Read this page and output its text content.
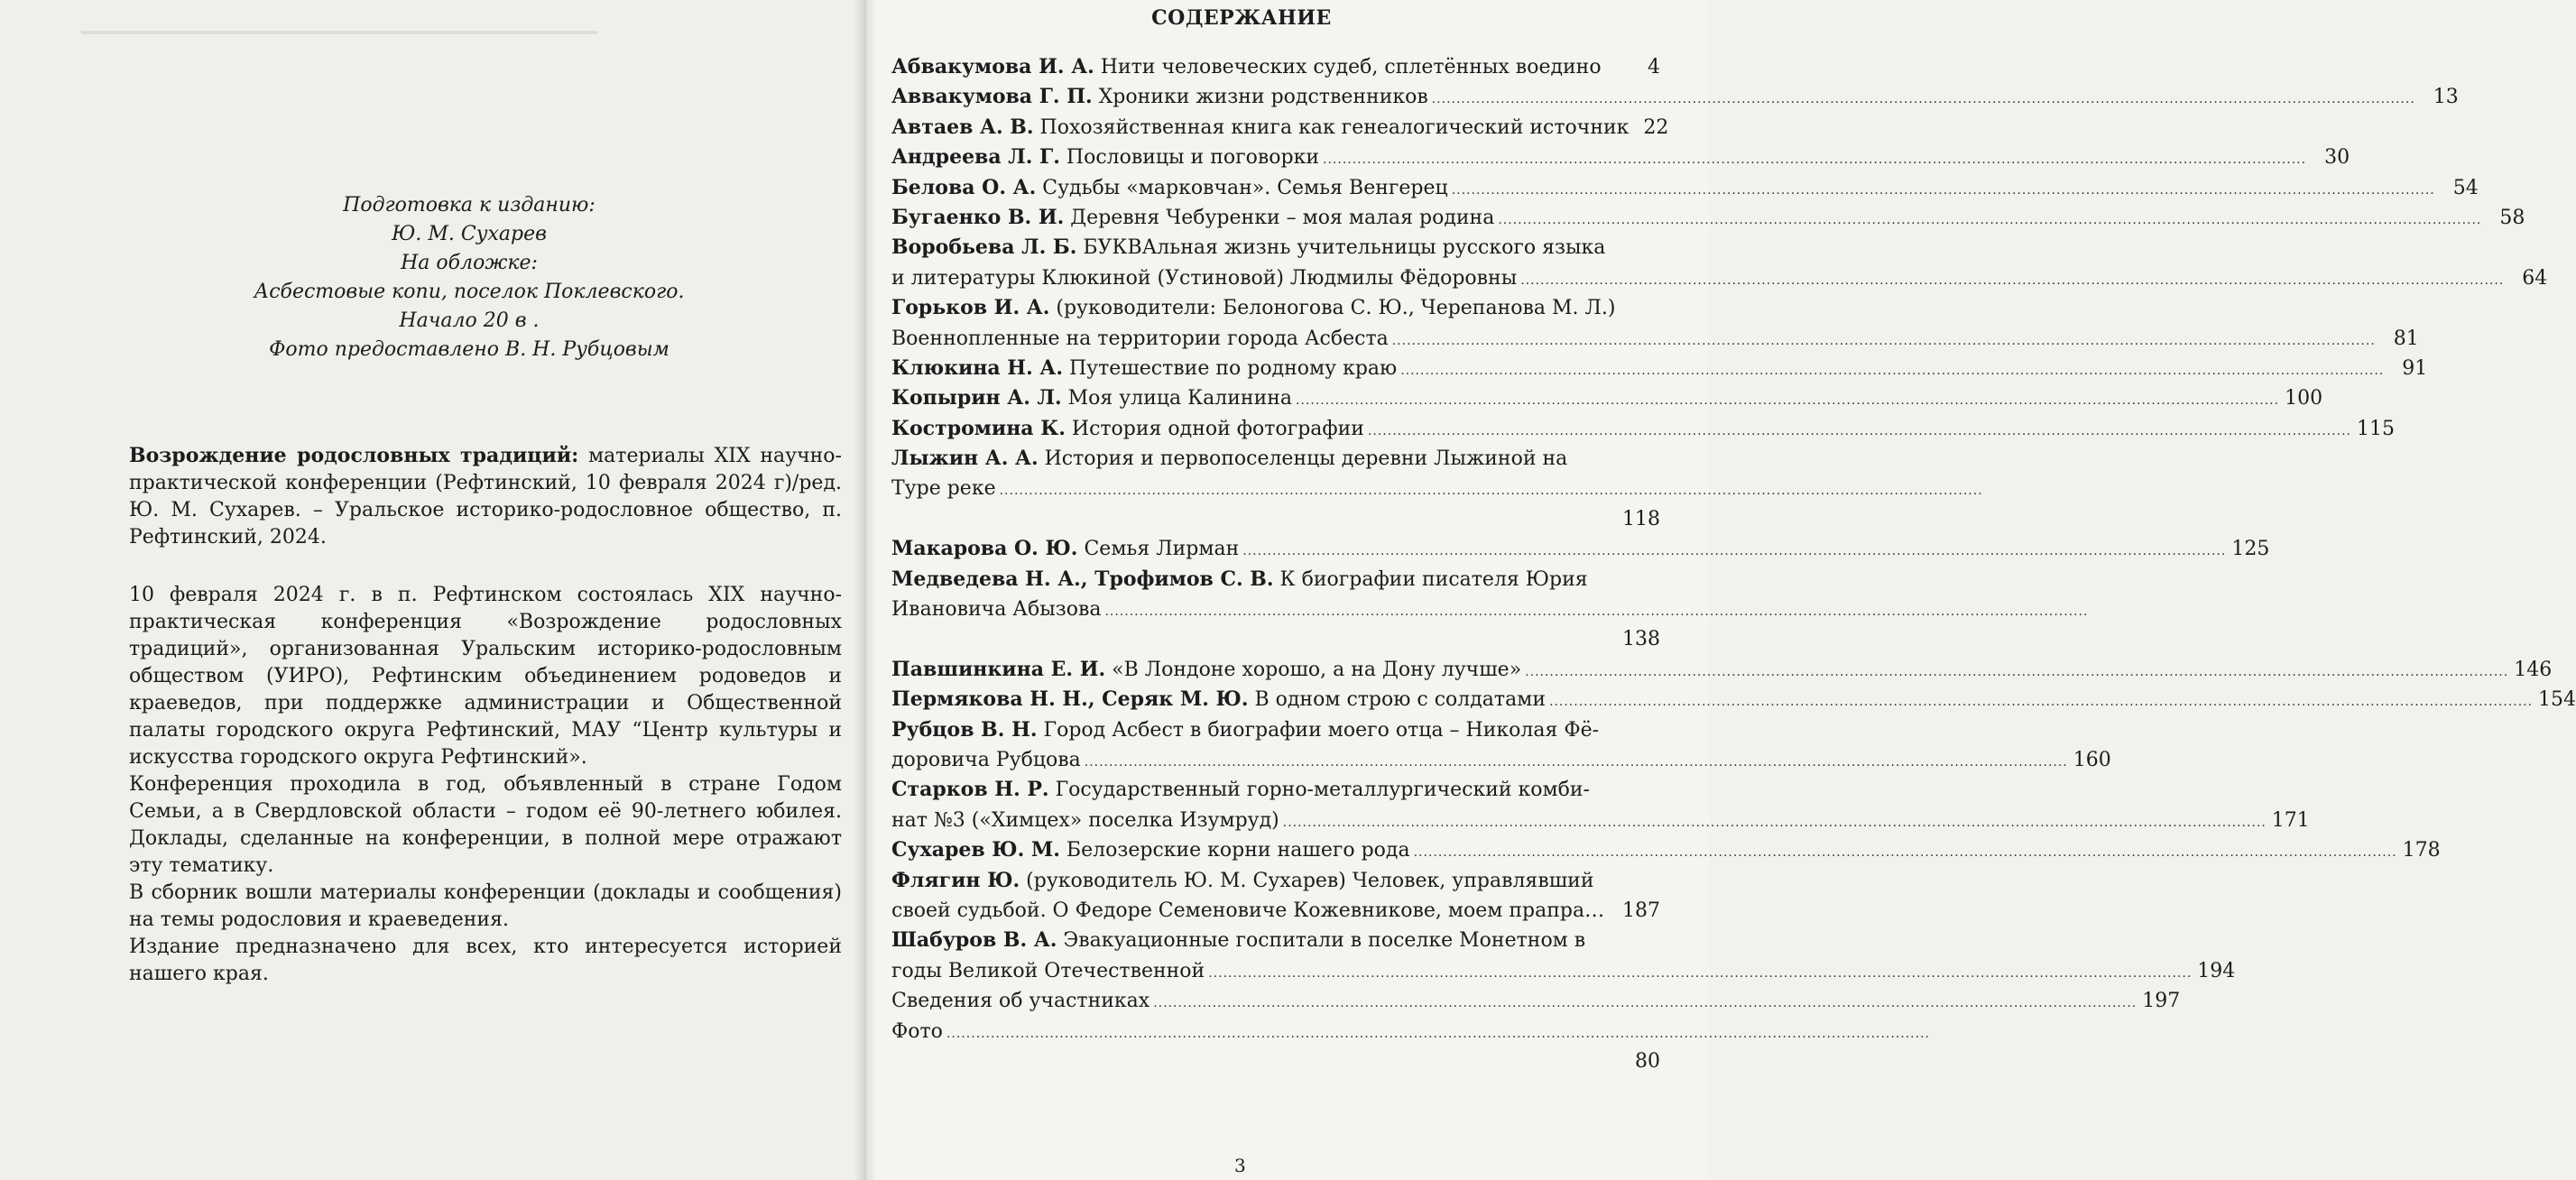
▁▁▁▁▁▁▁▁▁▁▁▁▁▁▁▁▁▁▁▁▁▁▁▁▁▁▁▁▁▁▁
Подготовка к изданию:
Ю. М. Сухарев
На обложке:
Асбестовые копи, поселок Поклевского.
Начало 20 в .
Фото предоставлено В. Н. Рубцовым
Возрождение родословных традиций: материалы XIX научно-практической конференции (Рефтинский, 10 февраля 2024 г)/ред. Ю. М. Сухарев. – Уральское историко-родословное общество, п. Рефтинский, 2024.

10 февраля 2024 г. в п. Рефтинском состоялась XIX научно-практическая конференция «Возрождение родословных традиций», организованная Уральским историко-родословным обществом (УИРО), Рефтинским объединением родоведов и краеведов, при поддержке администрации и Общественной палаты городского округа Рефтинский, МАУ “Центр культуры и искусства городского округа Рефтинский».

Конференция проходила в год, объявленный в стране Годом Семьи, а в Свердловской области – годом её 90-летнего юбилея. Доклады, сделанные на конференции, в полной мере отражают эту тематику.

В сборник вошли материалы конференции (доклады и сообщения) на темы родословия и краеведения.

Издание предназначено для всех, кто интересуется историей нашего края.

СОДЕРЖАНИЕ
Абвакумова И. А. Нити человеческих судеб, сплетённых воедино	4
Аввакумова Г. П. Хроники жизни родственников ........................................................................................................................................................................................................ 13
Автаев А. В. Похозяйственная книга как генеалогический источник 22
Андреева Л. Г. Пословицы и поговорки ........................................................................................................................................................................................................ 30
Белова О. А. Судьбы «марковчан». Семья Венгерец ........................................................................................................................................................................................................ 54
Бугаенко В. И. Деревня Чебуренки – моя малая родина ........................................................................................................................................................................................................ 58
Воробьева Л. Б. БУКВАльная жизнь учительницы русского языка
и литературы Клюкиной (Устиновой) Людмилы Фёдоровны ........................................................................................................................................................................................................ 64
Горьков И. А. (руководители: Белоногова С. Ю., Черепанова М. Л.)
Военнопленные на территории города Асбеста ........................................................................................................................................................................................................ 81
Клюкина Н. А. Путешествие по родному краю ........................................................................................................................................................................................................ 91
Копырин А. Л. Моя улица Калинина ........................................................................................................................................................................................................ 100
Костромина К. История одной фотографии ........................................................................................................................................................................................................ 115
Лыжин А. А. История и первопоселенцы деревни Лыжиной на
Туре реке ........................................................................................................................................................................................................
118
Макарова О. Ю. Семья Лирман ........................................................................................................................................................................................................ 125
Медведева Н. А., Трофимов С. В. К биографии писателя Юрия
Ивановича Абызова ........................................................................................................................................................................................................
138
Павшинкина Е. И. «В Лондоне хорошо, а на Дону лучше» ........................................................................................................................................................................................................ 146
Пермякова Н. Н., Серяк М. Ю. В одном строю с солдатами ........................................................................................................................................................................................................ 154
Рубцов В. Н. Город Асбест в биографии моего отца – Николая Фё-
доровича Рубцова ........................................................................................................................................................................................................ 160
Старков Н. Р. Государственный горно-металлургический комби-
нат №3 («Химцех» поселка Изумруд) ........................................................................................................................................................................................................ 171
Сухарев Ю. М. Белозерские корни нашего рода ........................................................................................................................................................................................................ 178
Флягин Ю. (руководитель Ю. М. Сухарев) Человек, управлявший
своей судьбой. О Федоре Семеновиче Кожевникове, моем прапра… 187
Шабуров В. А. Эвакуационные госпитали в поселке Монетном в
годы Великой Отечественной ........................................................................................................................................................................................................ 194
Сведения об участниках ........................................................................................................................................................................................................ 197
Фото ........................................................................................................................................................................................................
80
3
